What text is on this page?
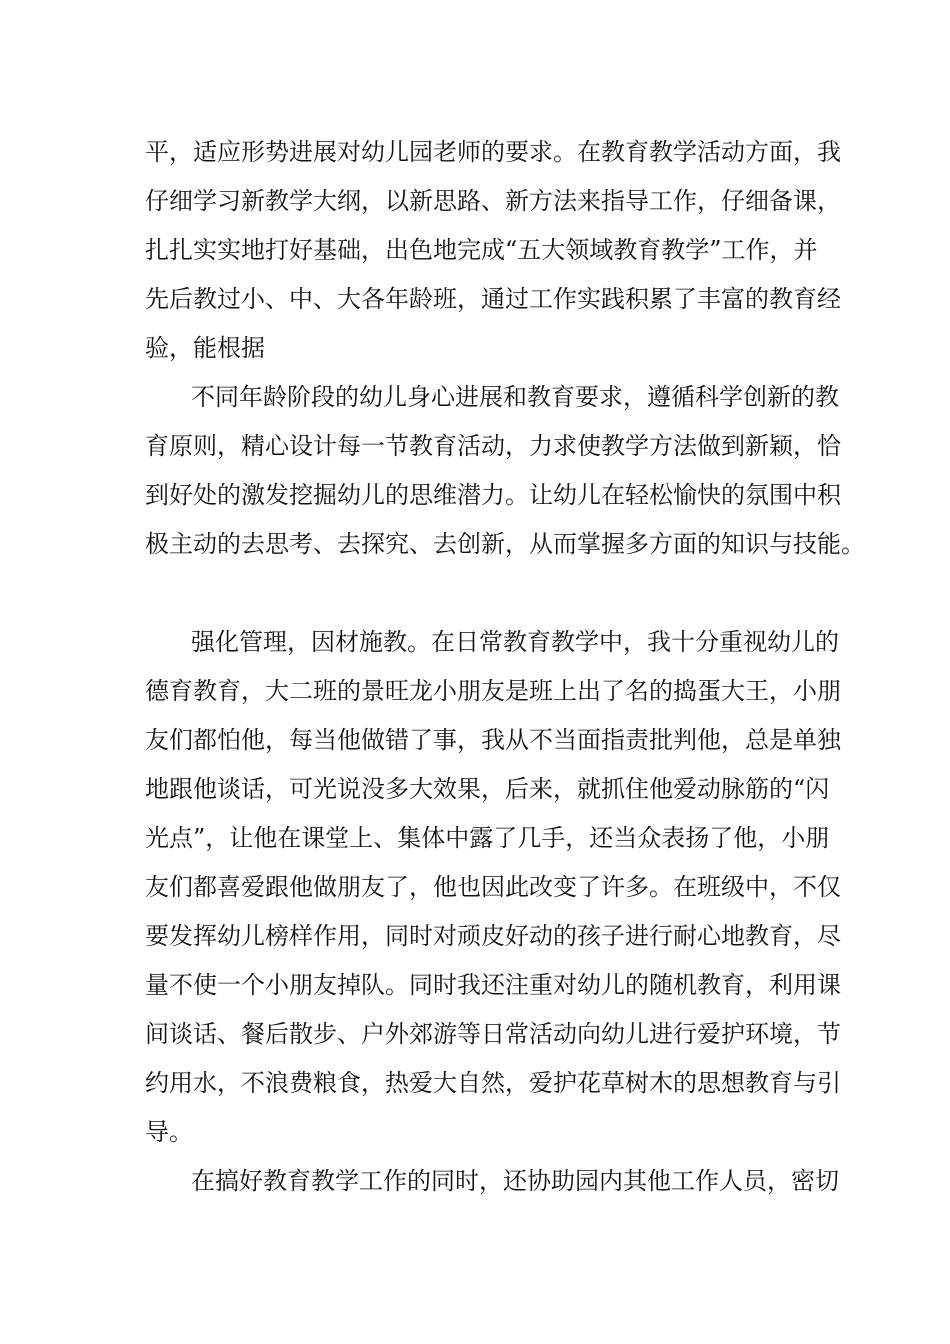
平，适应形势进展对幼儿园老师的要求。在教育教学活动方面，我
仔细学习新教学大纲，以新思路、新方法来指导工作，仔细备课，
扎扎实实地打好基础，出色地完成“五大领域教育教学”工作，并
先后教过小、中、大各年龄班，通过工作实践积累了丰富的教育经
验，能根据
不同年龄阶段的幼儿身心进展和教育要求，遵循科学创新的教
育原则，精心设计每一节教育活动，力求使教学方法做到新颖，恰
到好处的激发挖掘幼儿的思维潜力。让幼儿在轻松愉快的氛围中积
极主动的去思考、去探究、去创新，从而掌握多方面的知识与技能。
强化管理，因材施教。在日常教育教学中，我十分重视幼儿的
德育教育，大二班的景旺龙小朋友是班上出了名的捣蛋大王，小朋
友们都怕他，每当他做错了事，我从不当面指责批判他，总是单独
地跟他谈话，可光说没多大效果，后来，就抓住他爱动脉筋的“闪
光点”，让他在课堂上、集体中露了几手，还当众表扬了他，小朋
友们都喜爱跟他做朋友了，他也因此改变了许多。在班级中，不仅
要发挥幼儿榜样作用，同时对顽皮好动的孩子进行耐心地教育，尽
量不使一个小朋友掉队。同时我还注重对幼儿的随机教育，利用课
间谈话、餐后散步、户外郊游等日常活动向幼儿进行爱护环境，节
约用水，不浪费粮食，热爱大自然，爱护花草树木的思想教育与引
导。
在搞好教育教学工作的同时，还协助园内其他工作人员，密切
